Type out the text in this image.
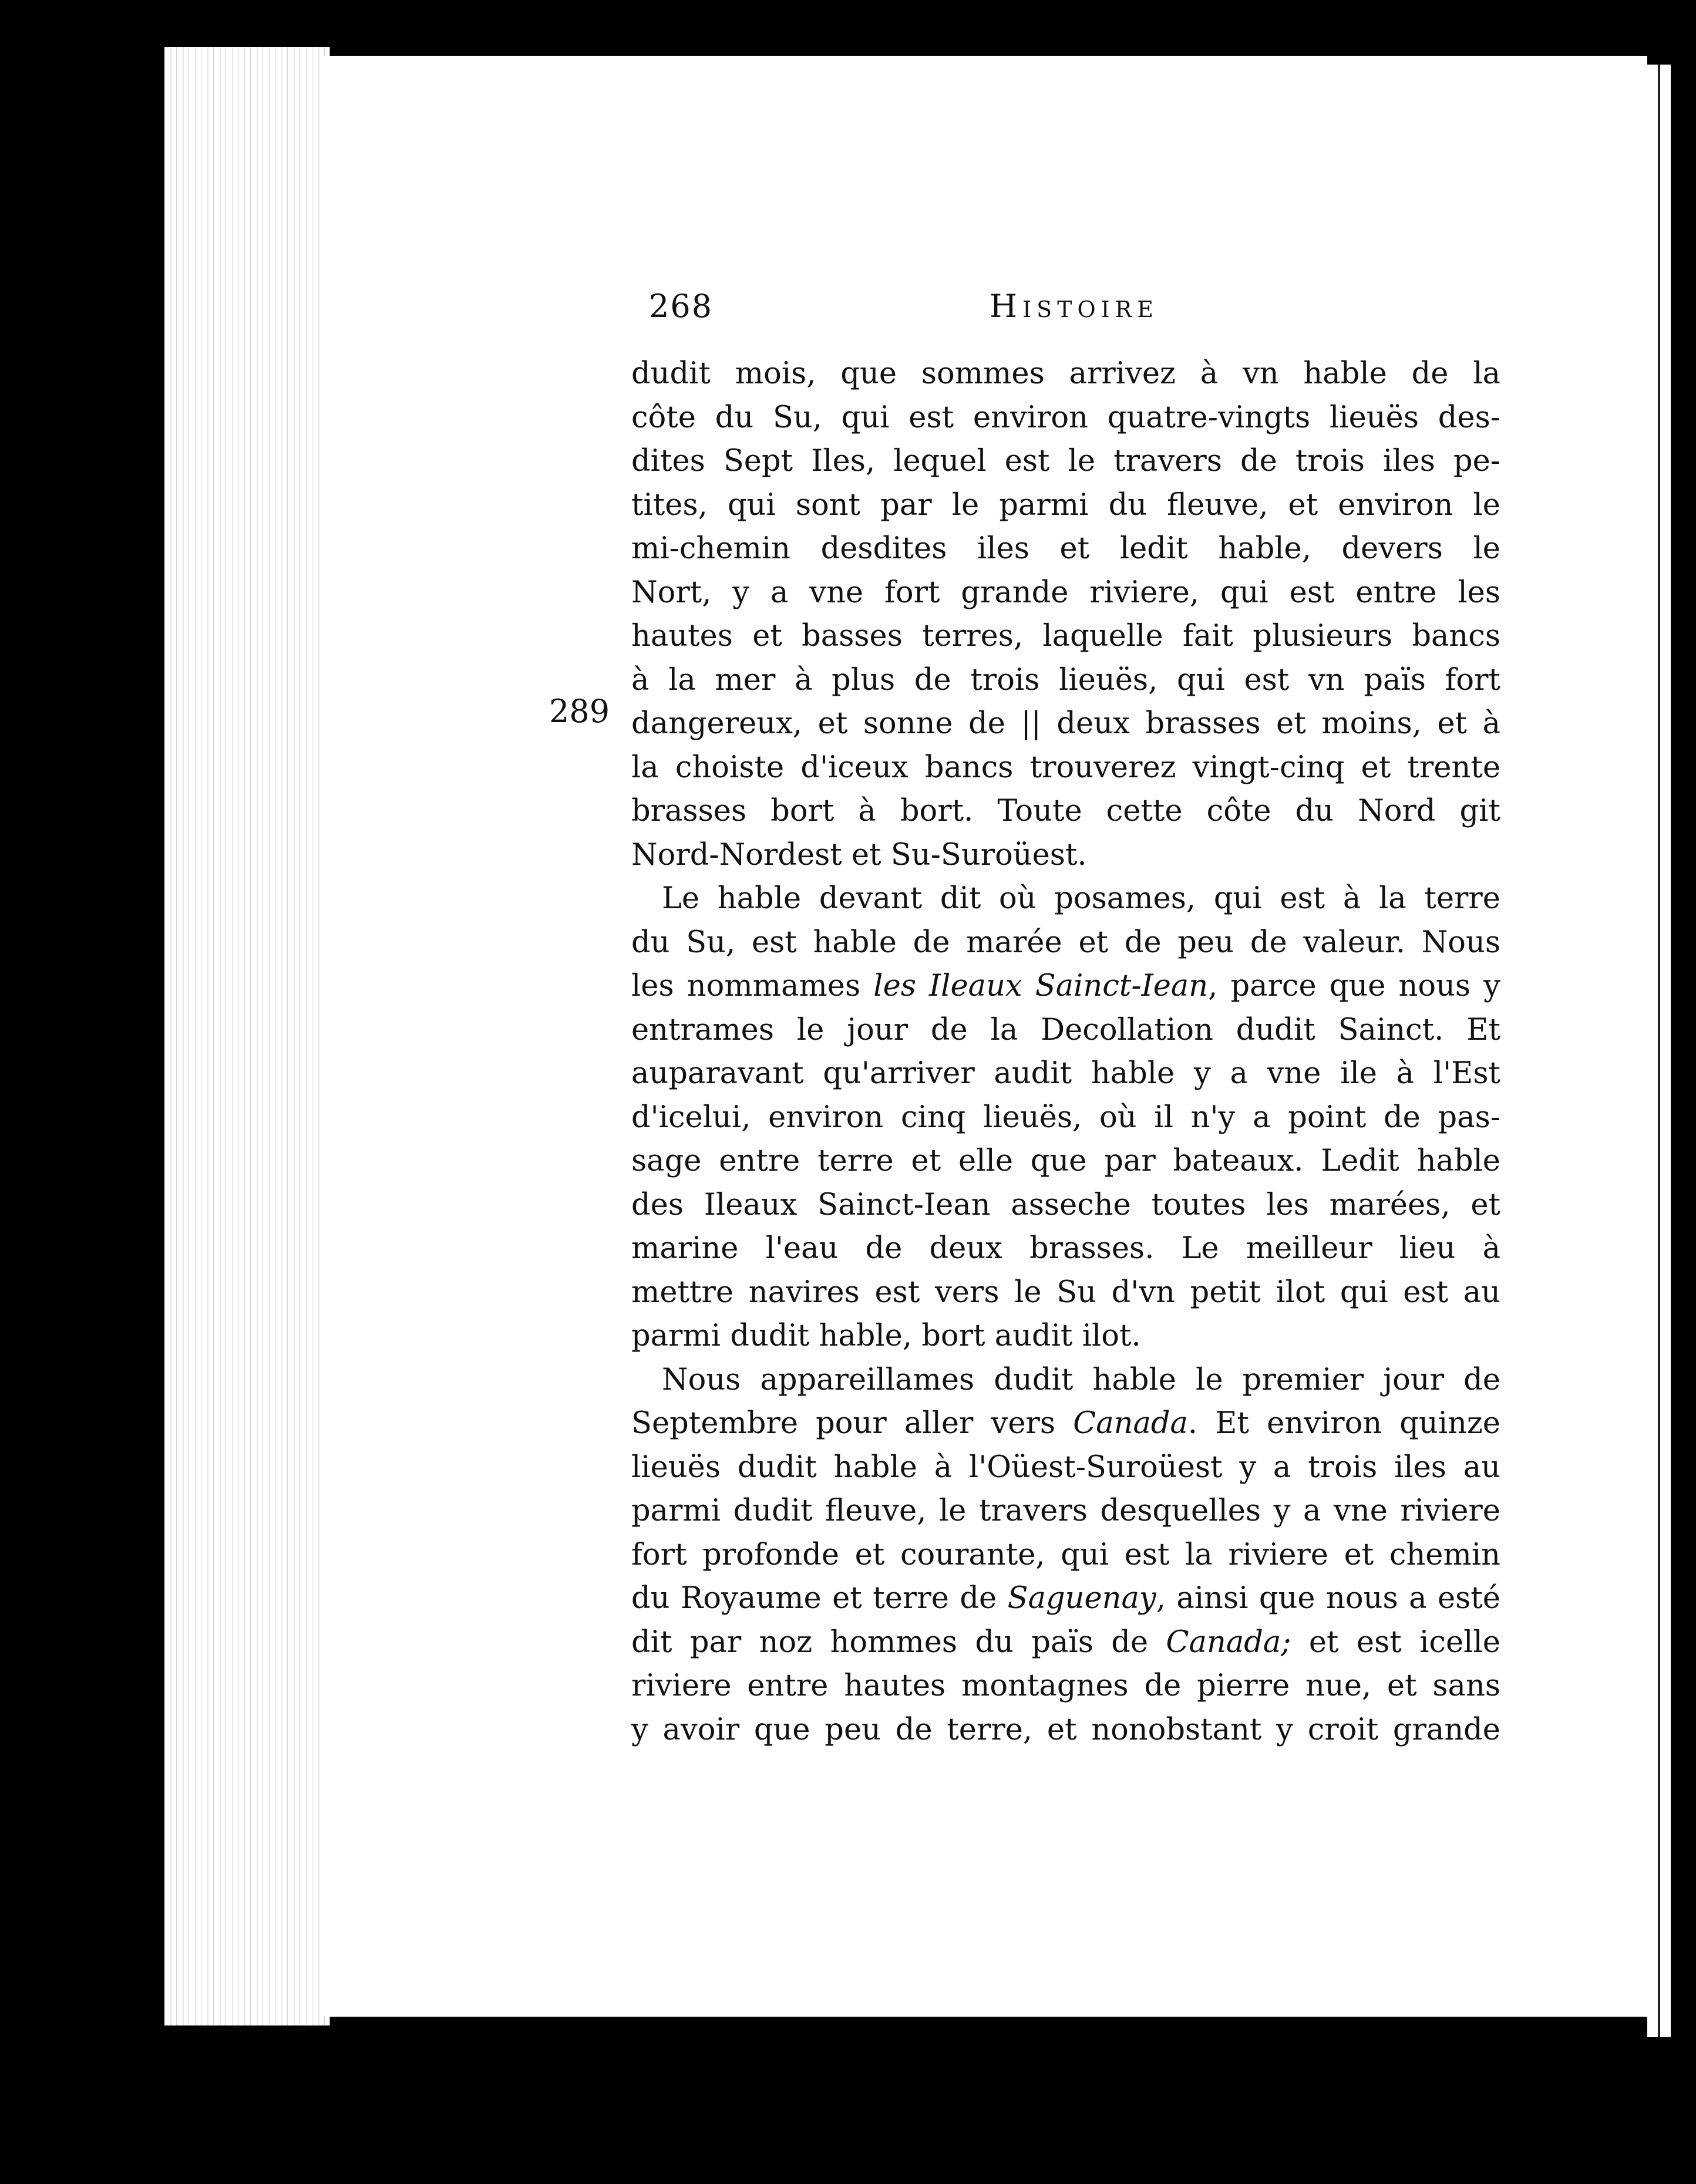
268	Histoire
289
dudit mois, que sommes arrivez à vn hable de la
côte du Su, qui est environ quatre-vingts lieuës des-
dites Sept Iles, lequel est le travers de trois iles pe-
tites, qui sont par le parmi du fleuve, et environ le
mi-chemin desdites iles et ledit hable, devers le
Nort, y a vne fort grande riviere, qui est entre les
hautes et basses terres, laquelle fait plusieurs bancs
à la mer à plus de trois lieuës, qui est vn païs fort
dangereux, et sonne de || deux brasses et moins, et à
la choiste d'iceux bancs trouverez vingt-cinq et trente
brasses bort à bort. Toute cette côte du Nord git
Nord-Nordest et Su-Suroüest.
Le hable devant dit où posames, qui est à la terre
du Su, est hable de marée et de peu de valeur. Nous
les nommames les Ileaux Sainct-Iean, parce que nous y
entrames le jour de la Decollation dudit Sainct. Et
auparavant qu'arriver audit hable y a vne ile à l'Est
d'icelui, environ cinq lieuës, où il n'y a point de pas-
sage entre terre et elle que par bateaux. Ledit hable
des Ileaux Sainct-Iean asseche toutes les marées, et
marine l'eau de deux brasses. Le meilleur lieu à
mettre navires est vers le Su d'vn petit ilot qui est au
parmi dudit hable, bort audit ilot.
Nous appareillames dudit hable le premier jour de
Septembre pour aller vers Canada. Et environ quinze
lieuës dudit hable à l'Oüest-Suroüest y a trois iles au
parmi dudit fleuve, le travers desquelles y a vne riviere
fort profonde et courante, qui est la riviere et chemin
du Royaume et terre de Saguenay, ainsi que nous a esté
dit par noz hommes du païs de Canada; et est icelle
riviere entre hautes montagnes de pierre nue, et sans
y avoir que peu de terre, et nonobstant y croit grande
